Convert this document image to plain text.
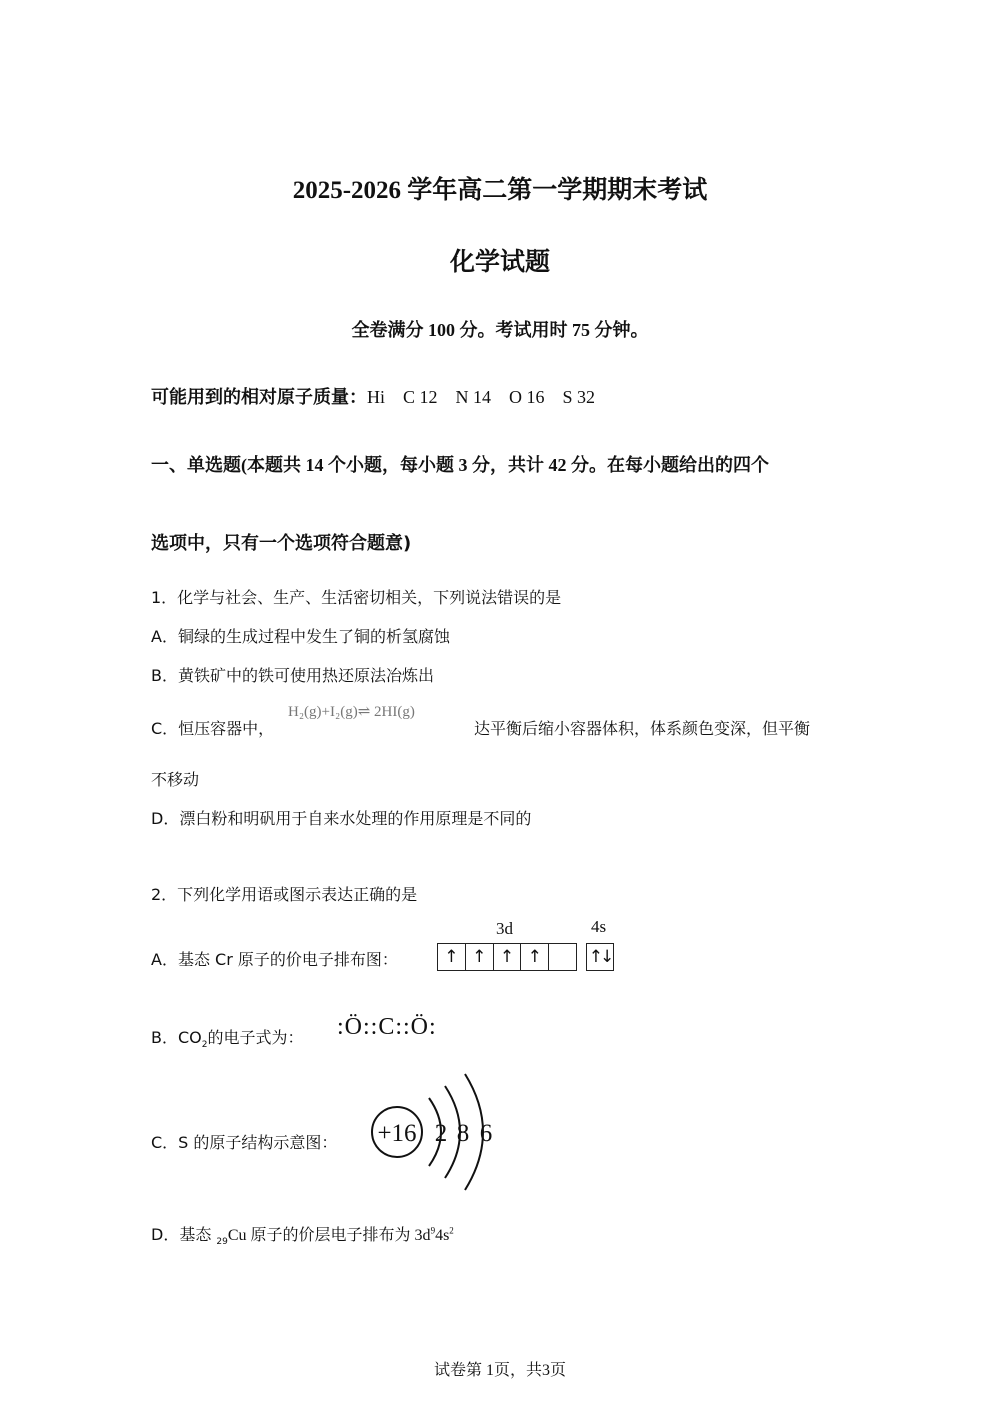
2025-2026 学年高二第一学期期末考试
化学试题
全卷满分 100 分。考试用时 75 分钟。
可能用到的相对原子质量：Hi　C 12　N 14　O 16　S 32
一、单选题(本题共 14 个小题，每小题 3 分，共计 42 分。在每小题给出的四个
选项中，只有一个选项符合题意)
1．化学与社会、生产、生活密切相关，下列说法错误的是
A．铜绿的生成过程中发生了铜的析氢腐蚀
B．黄铁矿中的铁可使用热还原法冶炼出
C．恒压容器中，
H₂(g)+I₂(g)⇌ 2HI(g)
达平衡后缩小容器体积，体系颜色变深，但平衡
不移动
D．漂白粉和明矾用于自来水处理的作用原理是不同的
2．下列化学用语或图示表达正确的是
A．基态 Cr 原子的价电子排布图：
3d	4s
↑ ↑ ↑ ↑	↑↓
B．$CO_2$的电子式为： :Ö::C::Ö:
C．S 的原子结构示意图： +16 2 8 6
D．基态 $_{29}$Cu 原子的价层电子排布为 $3d^94s^2$
试卷第 1页，共3页
